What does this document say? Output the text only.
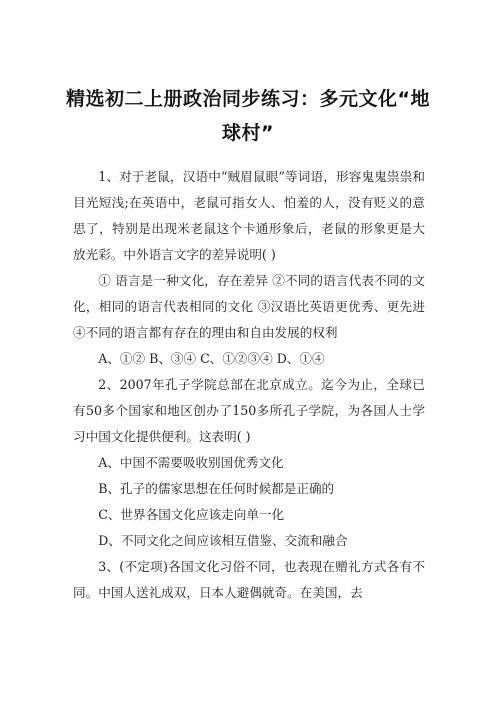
精选初二上册政治同步练习：多元文化“地球村”

1、对于老鼠，汉语中“贼眉鼠眼”等词语，形容鬼鬼祟祟和目光短浅;在英语中，老鼠可指女人、怕羞的人，没有贬义的意思了，特别是出现米老鼠这个卡通形象后，老鼠的形象更是大放光彩。中外语言文字的差异说明( )

① 语言是一种文化，存在差异 ②不同的语言代表不同的文化，相同的语言代表相同的文化 ③汉语比英语更优秀、更先进 ④不同的语言都有存在的理由和自由发展的权利

A、①② B、③④ C、①②③④ D、①④

2、2007年孔子学院总部在北京成立。迄今为止，全球已有50多个国家和地区创办了150多所孔子学院，为各国人士学习中国文化提供便利。这表明( )

A、中国不需要吸收别国优秀文化

B、孔子的儒家思想在任何时候都是正确的

C、世界各国文化应该走向单一化

D、不同文化之间应该相互借鉴、交流和融合

3、(不定项)各国文化习俗不同，也表现在赠礼方式各有不同。中国人送礼成双，日本人避偶就奇。在美国，去
